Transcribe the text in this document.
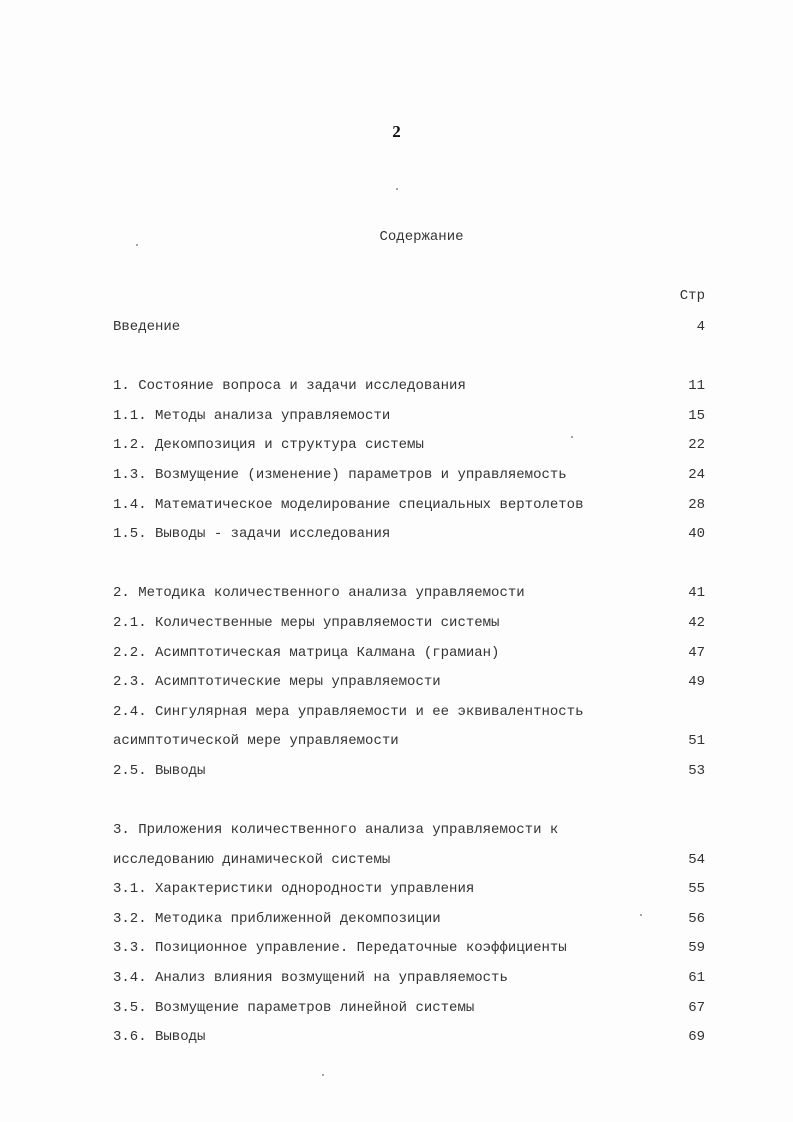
2
Содержание
Стр
Введение	4
1. Состояние вопроса и задачи исследования	11
1.1. Методы анализа управляемости	15
1.2. Декомпозиция и структура системы	22
1.3. Возмущение (изменение) параметров и управляемость	24
1.4. Математическое моделирование специальных вертолетов	28
1.5. Выводы - задачи исследования	40
2. Методика количественного анализа управляемости	41
2.1. Количественные меры управляемости системы	42
2.2. Асимптотическая матрица Калмана (грамиан)	47
2.3. Асимптотические меры управляемости	49
2.4. Сингулярная мера управляемости и ее эквивалентность
асимптотической мере управляемости	51
2.5. Выводы	53
3. Приложения количественного анализа управляемости к
исследованию динамической системы	54
3.1. Характеристики однородности управления	55
3.2. Методика приближенной декомпозиции	56
3.3. Позиционное управление. Передаточные коэффициенты	59
3.4. Анализ влияния возмущений на управляемость	61
3.5. Возмущение параметров линейной системы	67
3.6. Выводы	69
